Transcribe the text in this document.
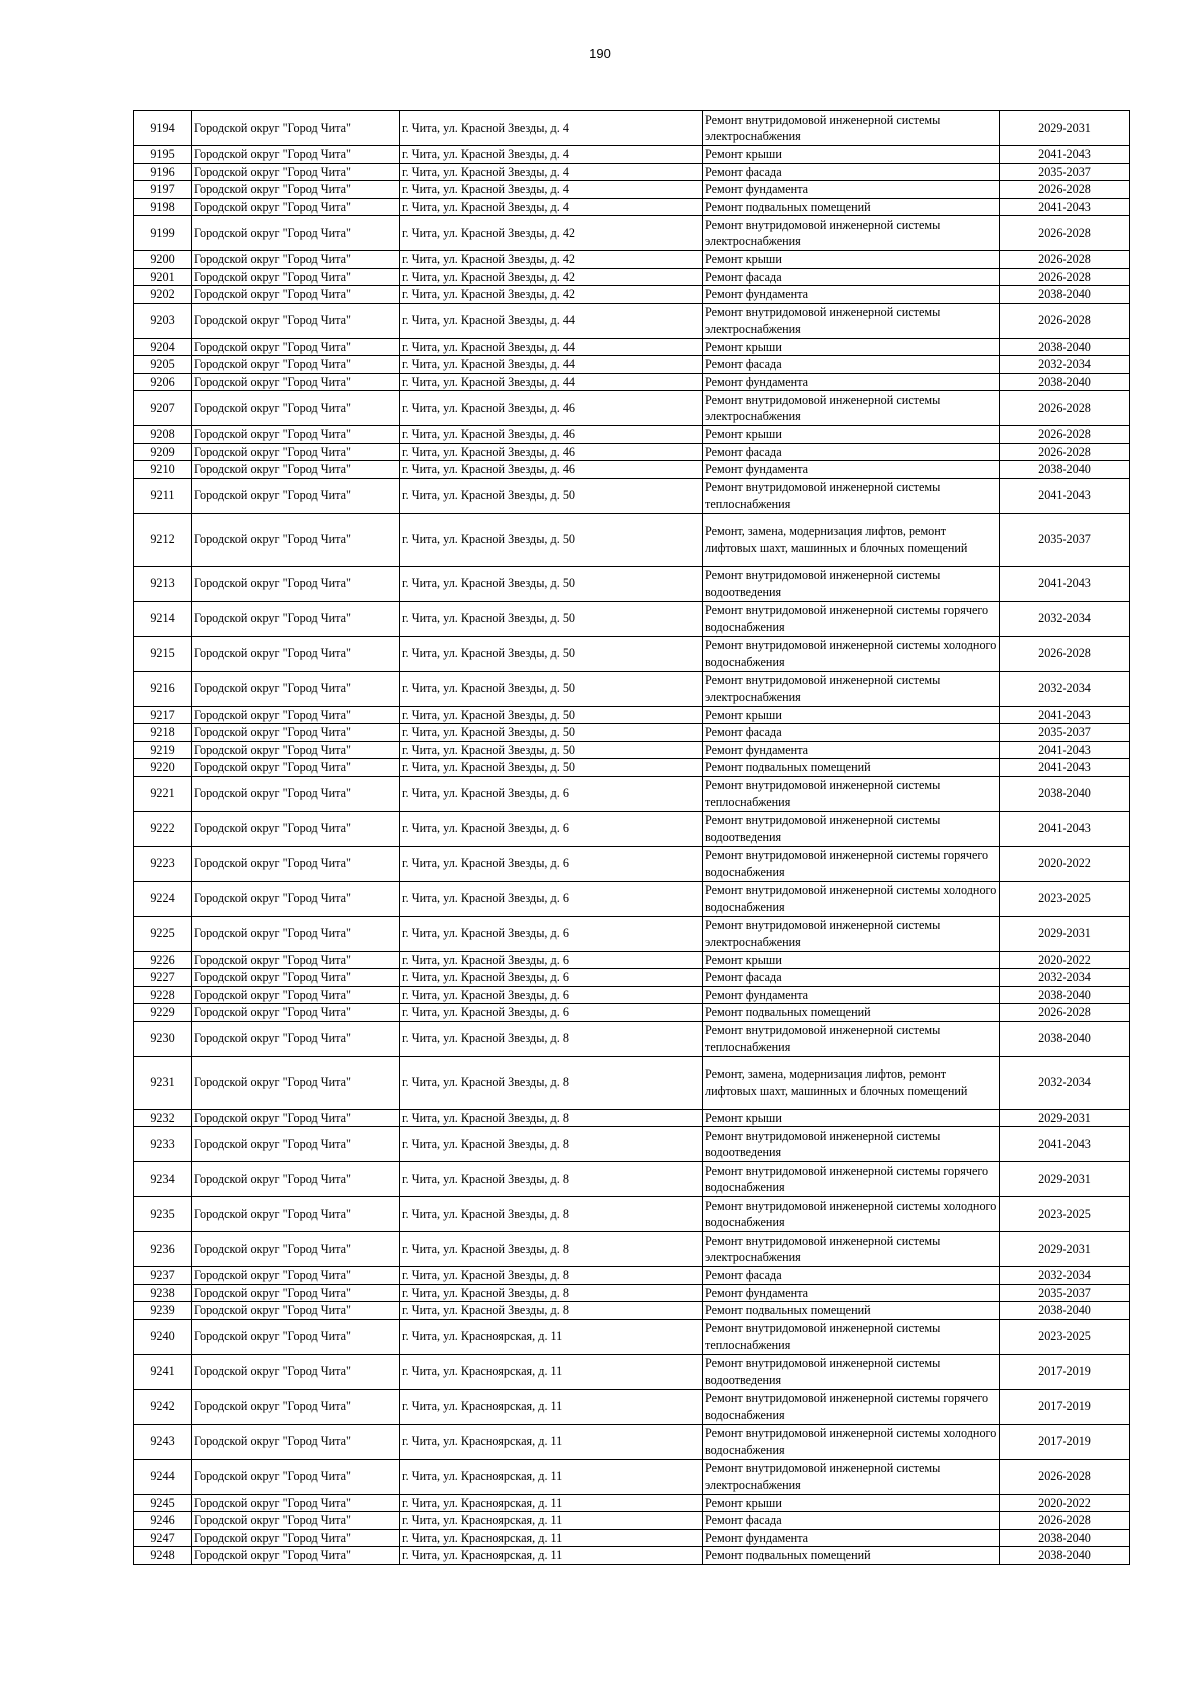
190
9194	Городской округ "Город Чита"	г. Чита, ул. Красной Звезды, д. 4	Ремонт внутридомовой инженерной системы электроснабжения	2029-2031
9195	Городской округ "Город Чита"	г. Чита, ул. Красной Звезды, д. 4	Ремонт крыши	2041-2043
9196	Городской округ "Город Чита"	г. Чита, ул. Красной Звезды, д. 4	Ремонт фасада	2035-2037
9197	Городской округ "Город Чита"	г. Чита, ул. Красной Звезды, д. 4	Ремонт фундамента	2026-2028
9198	Городской округ "Город Чита"	г. Чита, ул. Красной Звезды, д. 4	Ремонт подвальных помещений	2041-2043
9199	Городской округ "Город Чита"	г. Чита, ул. Красной Звезды, д. 42	Ремонт внутридомовой инженерной системы электроснабжения	2026-2028
9200	Городской округ "Город Чита"	г. Чита, ул. Красной Звезды, д. 42	Ремонт крыши	2026-2028
9201	Городской округ "Город Чита"	г. Чита, ул. Красной Звезды, д. 42	Ремонт фасада	2026-2028
9202	Городской округ "Город Чита"	г. Чита, ул. Красной Звезды, д. 42	Ремонт фундамента	2038-2040
9203	Городской округ "Город Чита"	г. Чита, ул. Красной Звезды, д. 44	Ремонт внутридомовой инженерной системы электроснабжения	2026-2028
9204	Городской округ "Город Чита"	г. Чита, ул. Красной Звезды, д. 44	Ремонт крыши	2038-2040
9205	Городской округ "Город Чита"	г. Чита, ул. Красной Звезды, д. 44	Ремонт фасада	2032-2034
9206	Городской округ "Город Чита"	г. Чита, ул. Красной Звезды, д. 44	Ремонт фундамента	2038-2040
9207	Городской округ "Город Чита"	г. Чита, ул. Красной Звезды, д. 46	Ремонт внутридомовой инженерной системы электроснабжения	2026-2028
9208	Городской округ "Город Чита"	г. Чита, ул. Красной Звезды, д. 46	Ремонт крыши	2026-2028
9209	Городской округ "Город Чита"	г. Чита, ул. Красной Звезды, д. 46	Ремонт фасада	2026-2028
9210	Городской округ "Город Чита"	г. Чита, ул. Красной Звезды, д. 46	Ремонт фундамента	2038-2040
9211	Городской округ "Город Чита"	г. Чита, ул. Красной Звезды, д. 50	Ремонт внутридомовой инженерной системы теплоснабжения	2041-2043
9212	Городской округ "Город Чита"	г. Чита, ул. Красной Звезды, д. 50	Ремонт, замена, модернизация лифтов, ремонт лифтовых шахт, машинных и блочных помещений	2035-2037
9213	Городской округ "Город Чита"	г. Чита, ул. Красной Звезды, д. 50	Ремонт внутридомовой инженерной системы водоотведения	2041-2043
9214	Городской округ "Город Чита"	г. Чита, ул. Красной Звезды, д. 50	Ремонт внутридомовой инженерной системы горячего водоснабжения	2032-2034
9215	Городской округ "Город Чита"	г. Чита, ул. Красной Звезды, д. 50	Ремонт внутридомовой инженерной системы холодного водоснабжения	2026-2028
9216	Городской округ "Город Чита"	г. Чита, ул. Красной Звезды, д. 50	Ремонт внутридомовой инженерной системы электроснабжения	2032-2034
9217	Городской округ "Город Чита"	г. Чита, ул. Красной Звезды, д. 50	Ремонт крыши	2041-2043
9218	Городской округ "Город Чита"	г. Чита, ул. Красной Звезды, д. 50	Ремонт фасада	2035-2037
9219	Городской округ "Город Чита"	г. Чита, ул. Красной Звезды, д. 50	Ремонт фундамента	2041-2043
9220	Городской округ "Город Чита"	г. Чита, ул. Красной Звезды, д. 50	Ремонт подвальных помещений	2041-2043
9221	Городской округ "Город Чита"	г. Чита, ул. Красной Звезды, д. 6	Ремонт внутридомовой инженерной системы теплоснабжения	2038-2040
9222	Городской округ "Город Чита"	г. Чита, ул. Красной Звезды, д. 6	Ремонт внутридомовой инженерной системы водоотведения	2041-2043
9223	Городской округ "Город Чита"	г. Чита, ул. Красной Звезды, д. 6	Ремонт внутридомовой инженерной системы горячего водоснабжения	2020-2022
9224	Городской округ "Город Чита"	г. Чита, ул. Красной Звезды, д. 6	Ремонт внутридомовой инженерной системы холодного водоснабжения	2023-2025
9225	Городской округ "Город Чита"	г. Чита, ул. Красной Звезды, д. 6	Ремонт внутридомовой инженерной системы электроснабжения	2029-2031
9226	Городской округ "Город Чита"	г. Чита, ул. Красной Звезды, д. 6	Ремонт крыши	2020-2022
9227	Городской округ "Город Чита"	г. Чита, ул. Красной Звезды, д. 6	Ремонт фасада	2032-2034
9228	Городской округ "Город Чита"	г. Чита, ул. Красной Звезды, д. 6	Ремонт фундамента	2038-2040
9229	Городской округ "Город Чита"	г. Чита, ул. Красной Звезды, д. 6	Ремонт подвальных помещений	2026-2028
9230	Городской округ "Город Чита"	г. Чита, ул. Красной Звезды, д. 8	Ремонт внутридомовой инженерной системы теплоснабжения	2038-2040
9231	Городской округ "Город Чита"	г. Чита, ул. Красной Звезды, д. 8	Ремонт, замена, модернизация лифтов, ремонт лифтовых шахт, машинных и блочных помещений	2032-2034
9232	Городской округ "Город Чита"	г. Чита, ул. Красной Звезды, д. 8	Ремонт крыши	2029-2031
9233	Городской округ "Город Чита"	г. Чита, ул. Красной Звезды, д. 8	Ремонт внутридомовой инженерной системы водоотведения	2041-2043
9234	Городской округ "Город Чита"	г. Чита, ул. Красной Звезды, д. 8	Ремонт внутридомовой инженерной системы горячего водоснабжения	2029-2031
9235	Городской округ "Город Чита"	г. Чита, ул. Красной Звезды, д. 8	Ремонт внутридомовой инженерной системы холодного водоснабжения	2023-2025
9236	Городской округ "Город Чита"	г. Чита, ул. Красной Звезды, д. 8	Ремонт внутридомовой инженерной системы электроснабжения	2029-2031
9237	Городской округ "Город Чита"	г. Чита, ул. Красной Звезды, д. 8	Ремонт фасада	2032-2034
9238	Городской округ "Город Чита"	г. Чита, ул. Красной Звезды, д. 8	Ремонт фундамента	2035-2037
9239	Городской округ "Город Чита"	г. Чита, ул. Красной Звезды, д. 8	Ремонт подвальных помещений	2038-2040
9240	Городской округ "Город Чита"	г. Чита, ул. Красноярская, д. 11	Ремонт внутридомовой инженерной системы теплоснабжения	2023-2025
9241	Городской округ "Город Чита"	г. Чита, ул. Красноярская, д. 11	Ремонт внутридомовой инженерной системы водоотведения	2017-2019
9242	Городской округ "Город Чита"	г. Чита, ул. Красноярская, д. 11	Ремонт внутридомовой инженерной системы горячего водоснабжения	2017-2019
9243	Городской округ "Город Чита"	г. Чита, ул. Красноярская, д. 11	Ремонт внутридомовой инженерной системы холодного водоснабжения	2017-2019
9244	Городской округ "Город Чита"	г. Чита, ул. Красноярская, д. 11	Ремонт внутридомовой инженерной системы электроснабжения	2026-2028
9245	Городской округ "Город Чита"	г. Чита, ул. Красноярская, д. 11	Ремонт крыши	2020-2022
9246	Городской округ "Город Чита"	г. Чита, ул. Красноярская, д. 11	Ремонт фасада	2026-2028
9247	Городской округ "Город Чита"	г. Чита, ул. Красноярская, д. 11	Ремонт фундамента	2038-2040
9248	Городской округ "Город Чита"	г. Чита, ул. Красноярская, д. 11	Ремонт подвальных помещений	2038-2040
